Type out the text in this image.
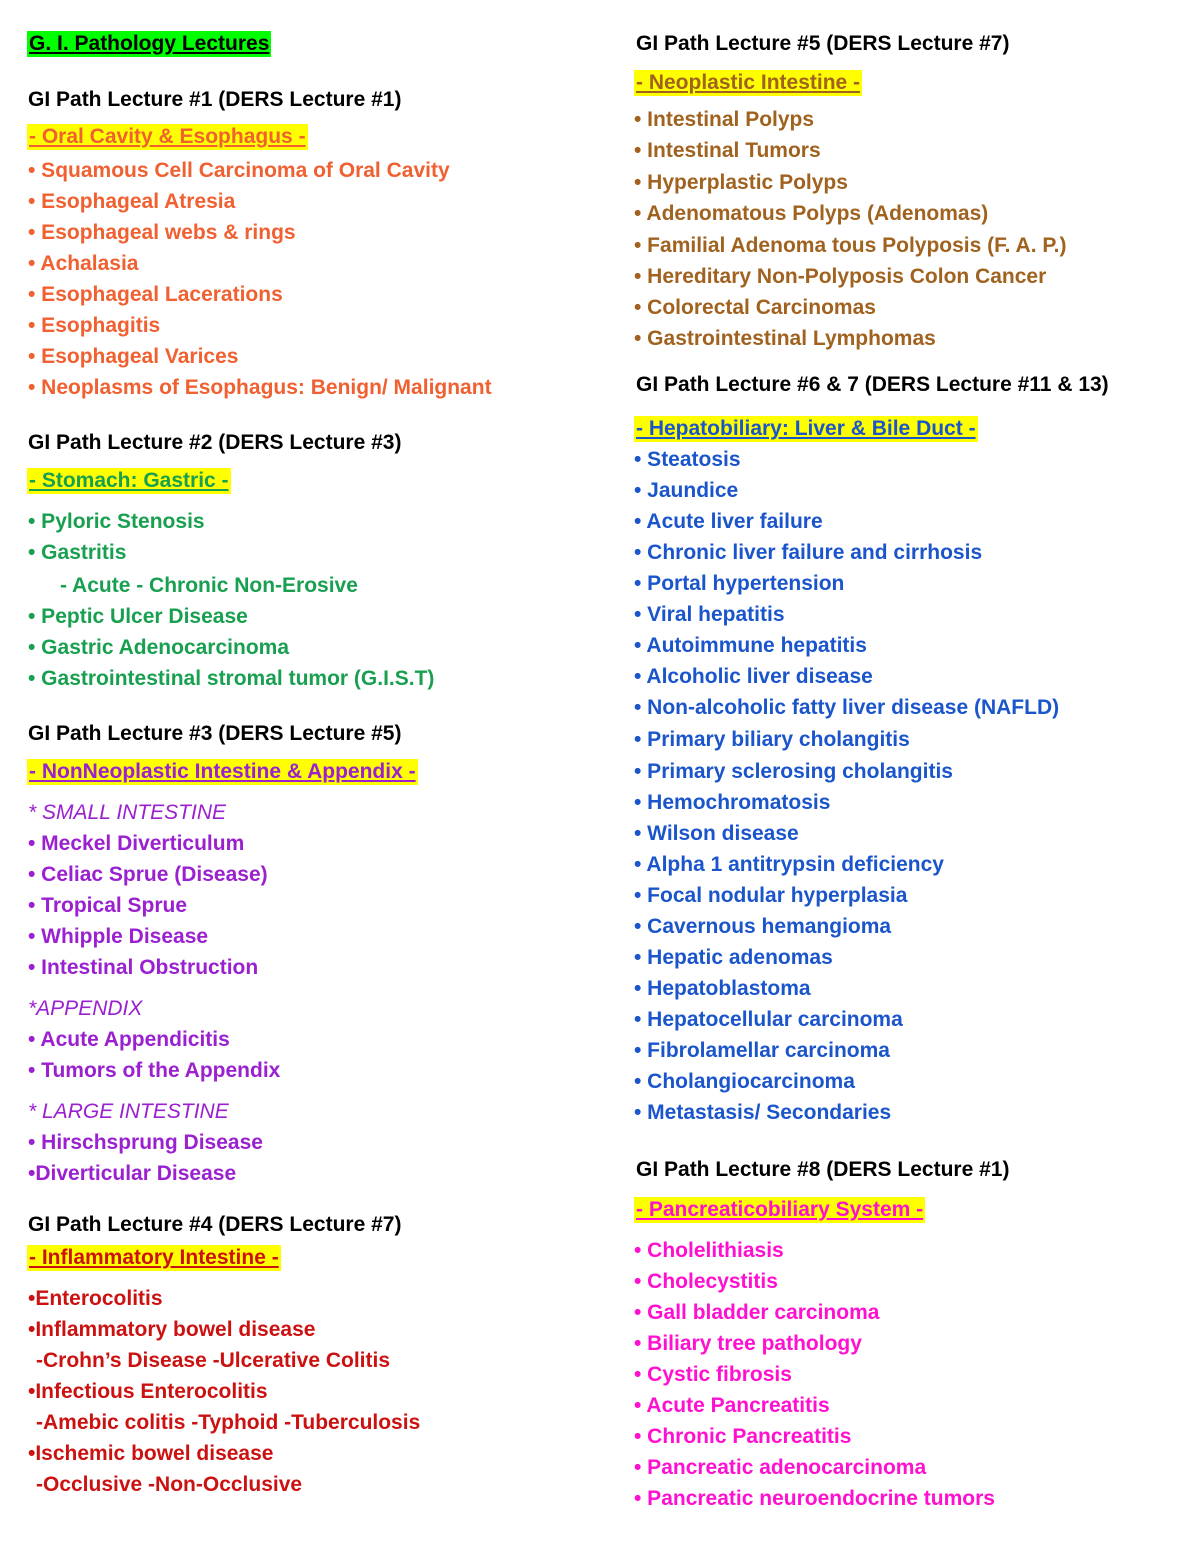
G. I. Pathology Lectures
GI Path Lecture #1 (DERS Lecture #1)
- Oral Cavity & Esophagus -
• Squamous Cell Carcinoma of Oral Cavity
• Esophageal Atresia
• Esophageal webs & rings
• Achalasia
• Esophageal Lacerations
• Esophagitis
• Esophageal Varices
• Neoplasms of Esophagus: Benign/ Malignant
GI Path Lecture #2 (DERS Lecture #3)
- Stomach: Gastric -
• Pyloric Stenosis
• Gastritis
- Acute - Chronic Non-Erosive
• Peptic Ulcer Disease
• Gastric Adenocarcinoma
• Gastrointestinal stromal tumor (G.I.S.T)
GI Path Lecture #3 (DERS Lecture #5)
- NonNeoplastic Intestine & Appendix -
* SMALL INTESTINE
• Meckel Diverticulum
• Celiac Sprue (Disease)
• Tropical Sprue
• Whipple Disease
• Intestinal Obstruction
*APPENDIX
• Acute Appendicitis
• Tumors of the Appendix
* LARGE INTESTINE
• Hirschsprung Disease
•Diverticular Disease
GI Path Lecture #4 (DERS Lecture #7)
- Inflammatory Intestine -
•Enterocolitis
•Inflammatory bowel disease
-Crohn’s Disease -Ulcerative Colitis
•Infectious Enterocolitis
-Amebic colitis -Typhoid -Tuberculosis
•Ischemic bowel disease
-Occlusive -Non-Occlusive
GI Path Lecture #5 (DERS Lecture #7)
- Neoplastic Intestine -
• Intestinal Polyps
• Intestinal Tumors
• Hyperplastic Polyps
• Adenomatous Polyps (Adenomas)
• Familial Adenoma tous Polyposis (F. A. P.)
• Hereditary Non-Polyposis Colon Cancer
• Colorectal Carcinomas
• Gastrointestinal Lymphomas
GI Path Lecture #6 & 7 (DERS Lecture #11 & 13)
- Hepatobiliary: Liver & Bile Duct -
• Steatosis
• Jaundice
• Acute liver failure
• Chronic liver failure and cirrhosis
• Portal hypertension
• Viral hepatitis
• Autoimmune hepatitis
• Alcoholic liver disease
• Non-alcoholic fatty liver disease (NAFLD)
• Primary biliary cholangitis
• Primary sclerosing cholangitis
• Hemochromatosis
• Wilson disease
• Alpha 1 antitrypsin deficiency
• Focal nodular hyperplasia
• Cavernous hemangioma
• Hepatic adenomas
• Hepatoblastoma
• Hepatocellular carcinoma
• Fibrolamellar carcinoma
• Cholangiocarcinoma
• Metastasis/ Secondaries
GI Path Lecture #8 (DERS Lecture #1)
- Pancreaticobiliary System -
• Cholelithiasis
• Cholecystitis
• Gall bladder carcinoma
• Biliary tree pathology
• Cystic fibrosis
• Acute Pancreatitis
• Chronic Pancreatitis
• Pancreatic adenocarcinoma
• Pancreatic neuroendocrine tumors
